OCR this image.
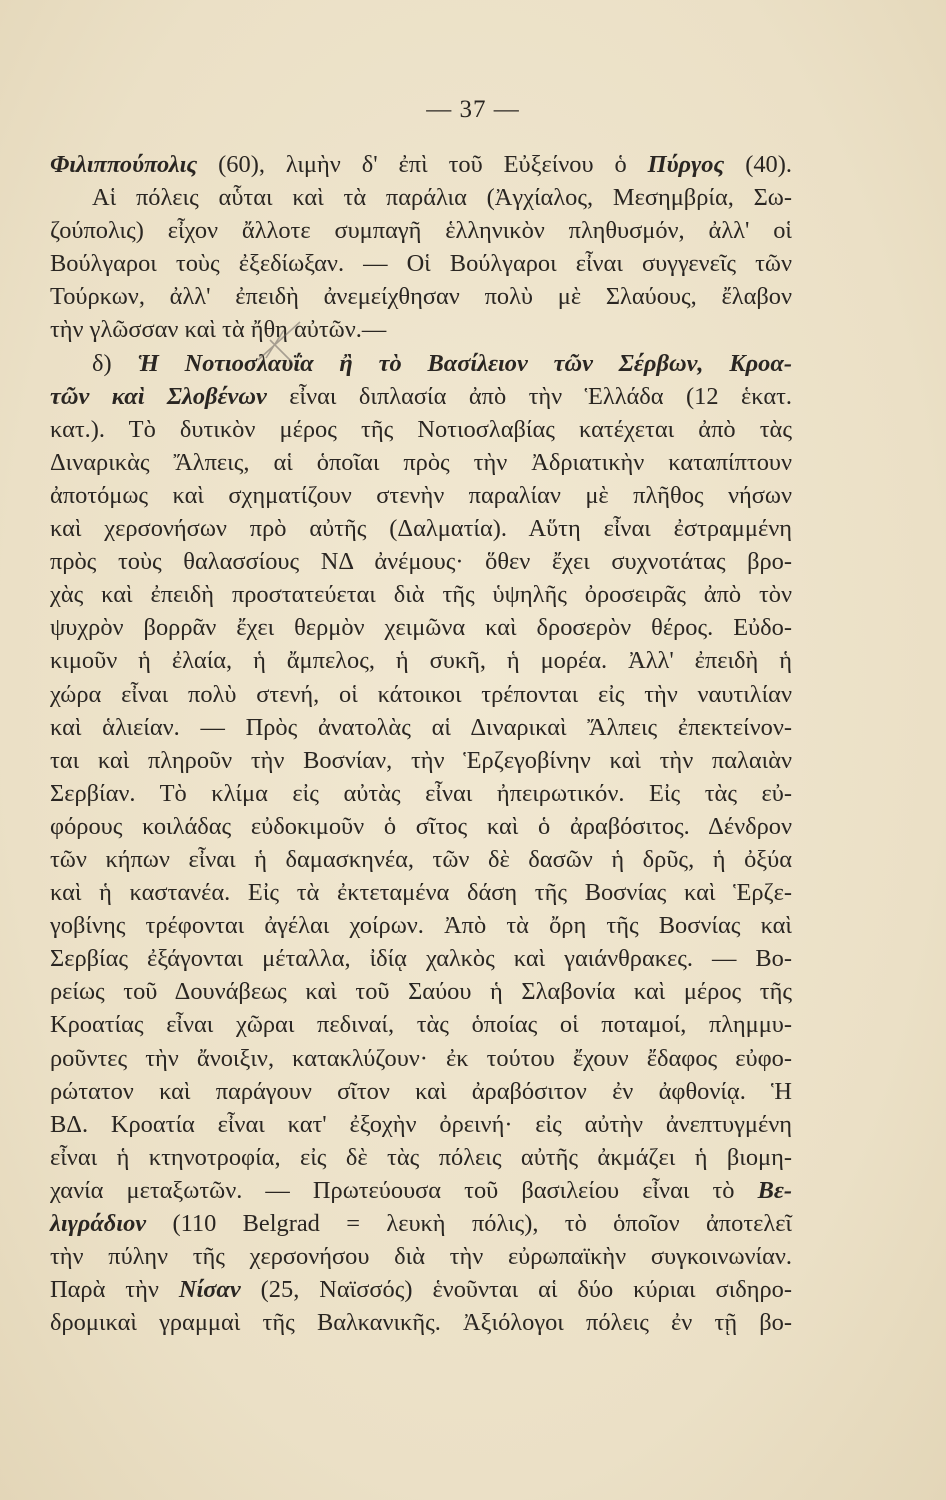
— 37 —
Φιλιππούπολις (60), λιμὴν δ' ἐπὶ τοῦ Εὐξείνου ὁ Πύργος (40).
Αἱ πόλεις αὗται καὶ τὰ παράλια (Ἀγχίαλος, Μεσημβρία, Σω-
ζούπολις) εἶχον ἄλλοτε συμπαγῆ ἑλληνικὸν πληθυσμόν, ἀλλ' οἱ
Βούλγαροι τοὺς ἐξεδίωξαν. — Οἱ Βούλγαροι εἶναι συγγενεῖς τῶν
Τούρκων, ἀλλ' ἐπειδὴ ἀνεμείχθησαν πολὺ μὲ Σλαύους, ἔλαβον
τὴν γλῶσσαν καὶ τὰ ἤθη αὐτῶν.—
δ) Ἡ Νοτιοσλαυΐα ἢ τὸ Βασίλειον τῶν Σέρβων, Κροα-
τῶν καὶ Σλοβένων εἶναι διπλασία ἀπὸ τὴν Ἑλλάδα (12 ἑκατ.
κατ.). Τὸ δυτικὸν μέρος τῆς Νοτιοσλαβίας κατέχεται ἀπὸ τὰς
Διναρικὰς Ἄλπεις, αἱ ὁποῖαι πρὸς τὴν Ἀδριατικὴν καταπίπτουν
ἀποτόμως καὶ σχηματίζουν στενὴν παραλίαν μὲ πλῆθος νήσων
καὶ χερσονήσων πρὸ αὐτῆς (Δαλματία). Αὕτη εἶναι ἐστραμμένη
πρὸς τοὺς θαλασσίους ΝΔ ἀνέμους· ὅθεν ἔχει συχνοτάτας βρο-
χὰς καὶ ἐπειδὴ προστατεύεται διὰ τῆς ὑψηλῆς ὀροσειρᾶς ἀπὸ τὸν
ψυχρὸν βορρᾶν ἔχει θερμὸν χειμῶνα καὶ δροσερὸν θέρος. Εὐδο-
κιμοῦν ἡ ἐλαία, ἡ ἄμπελος, ἡ συκῆ, ἡ μορέα. Ἀλλ' ἐπειδὴ ἡ
χώρα εἶναι πολὺ στενή, οἱ κάτοικοι τρέπονται εἰς τὴν ναυτιλίαν
καὶ ἁλιείαν. — Πρὸς ἀνατολὰς αἱ Διναρικαὶ Ἄλπεις ἐπεκτείνον-
ται καὶ πληροῦν τὴν Βοσνίαν, τὴν Ἑρζεγοβίνην καὶ τὴν παλαιὰν
Σερβίαν. Τὸ κλίμα εἰς αὐτὰς εἶναι ἠπειρωτικόν. Εἰς τὰς εὐ-
φόρους κοιλάδας εὐδοκιμοῦν ὁ σῖτος καὶ ὁ ἀραβόσιτος. Δένδρον
τῶν κήπων εἶναι ἡ δαμασκηνέα, τῶν δὲ δασῶν ἡ δρῦς, ἡ ὀξύα
καὶ ἡ καστανέα. Εἰς τὰ ἐκτεταμένα δάση τῆς Βοσνίας καὶ Ἑρζε-
γοβίνης τρέφονται ἀγέλαι χοίρων. Ἀπὸ τὰ ὄρη τῆς Βοσνίας καὶ
Σερβίας ἐξάγονται μέταλλα, ἰδίᾳ χαλκὸς καὶ γαιάνθρακες. — Βο-
ρείως τοῦ Δουνάβεως καὶ τοῦ Σαύου ἡ Σλαβονία καὶ μέρος τῆς
Κροατίας εἶναι χῶραι πεδιναί, τὰς ὁποίας οἱ ποταμοί, πλημμυ-
ροῦντες τὴν ἄνοιξιν, κατακλύζουν· ἐκ τούτου ἔχουν ἔδαφος εὐφο-
ρώτατον καὶ παράγουν σῖτον καὶ ἀραβόσιτον ἐν ἀφθονίᾳ. Ἡ
ΒΔ. Κροατία εἶναι κατ' ἐξοχὴν ὀρεινή· εἰς αὐτὴν ἀνεπτυγμένη
εἶναι ἡ κτηνοτροφία, εἰς δὲ τὰς πόλεις αὐτῆς ἀκμάζει ἡ βιομη-
χανία μεταξωτῶν. — Πρωτεύουσα τοῦ βασιλείου εἶναι τὸ Βε-
λιγράδιον (110 Belgrad = λευκὴ πόλις), τὸ ὁποῖον ἀποτελεῖ
τὴν πύλην τῆς χερσονήσου διὰ τὴν εὐρωπαϊκὴν συγκοινωνίαν.
Παρὰ τὴν Νίσαν (25, Ναϊσσός) ἑνοῦνται αἱ δύο κύριαι σιδηρο-
δρομικαὶ γραμμαὶ τῆς Βαλκανικῆς. Ἀξιόλογοι πόλεις ἐν τῇ βο-
